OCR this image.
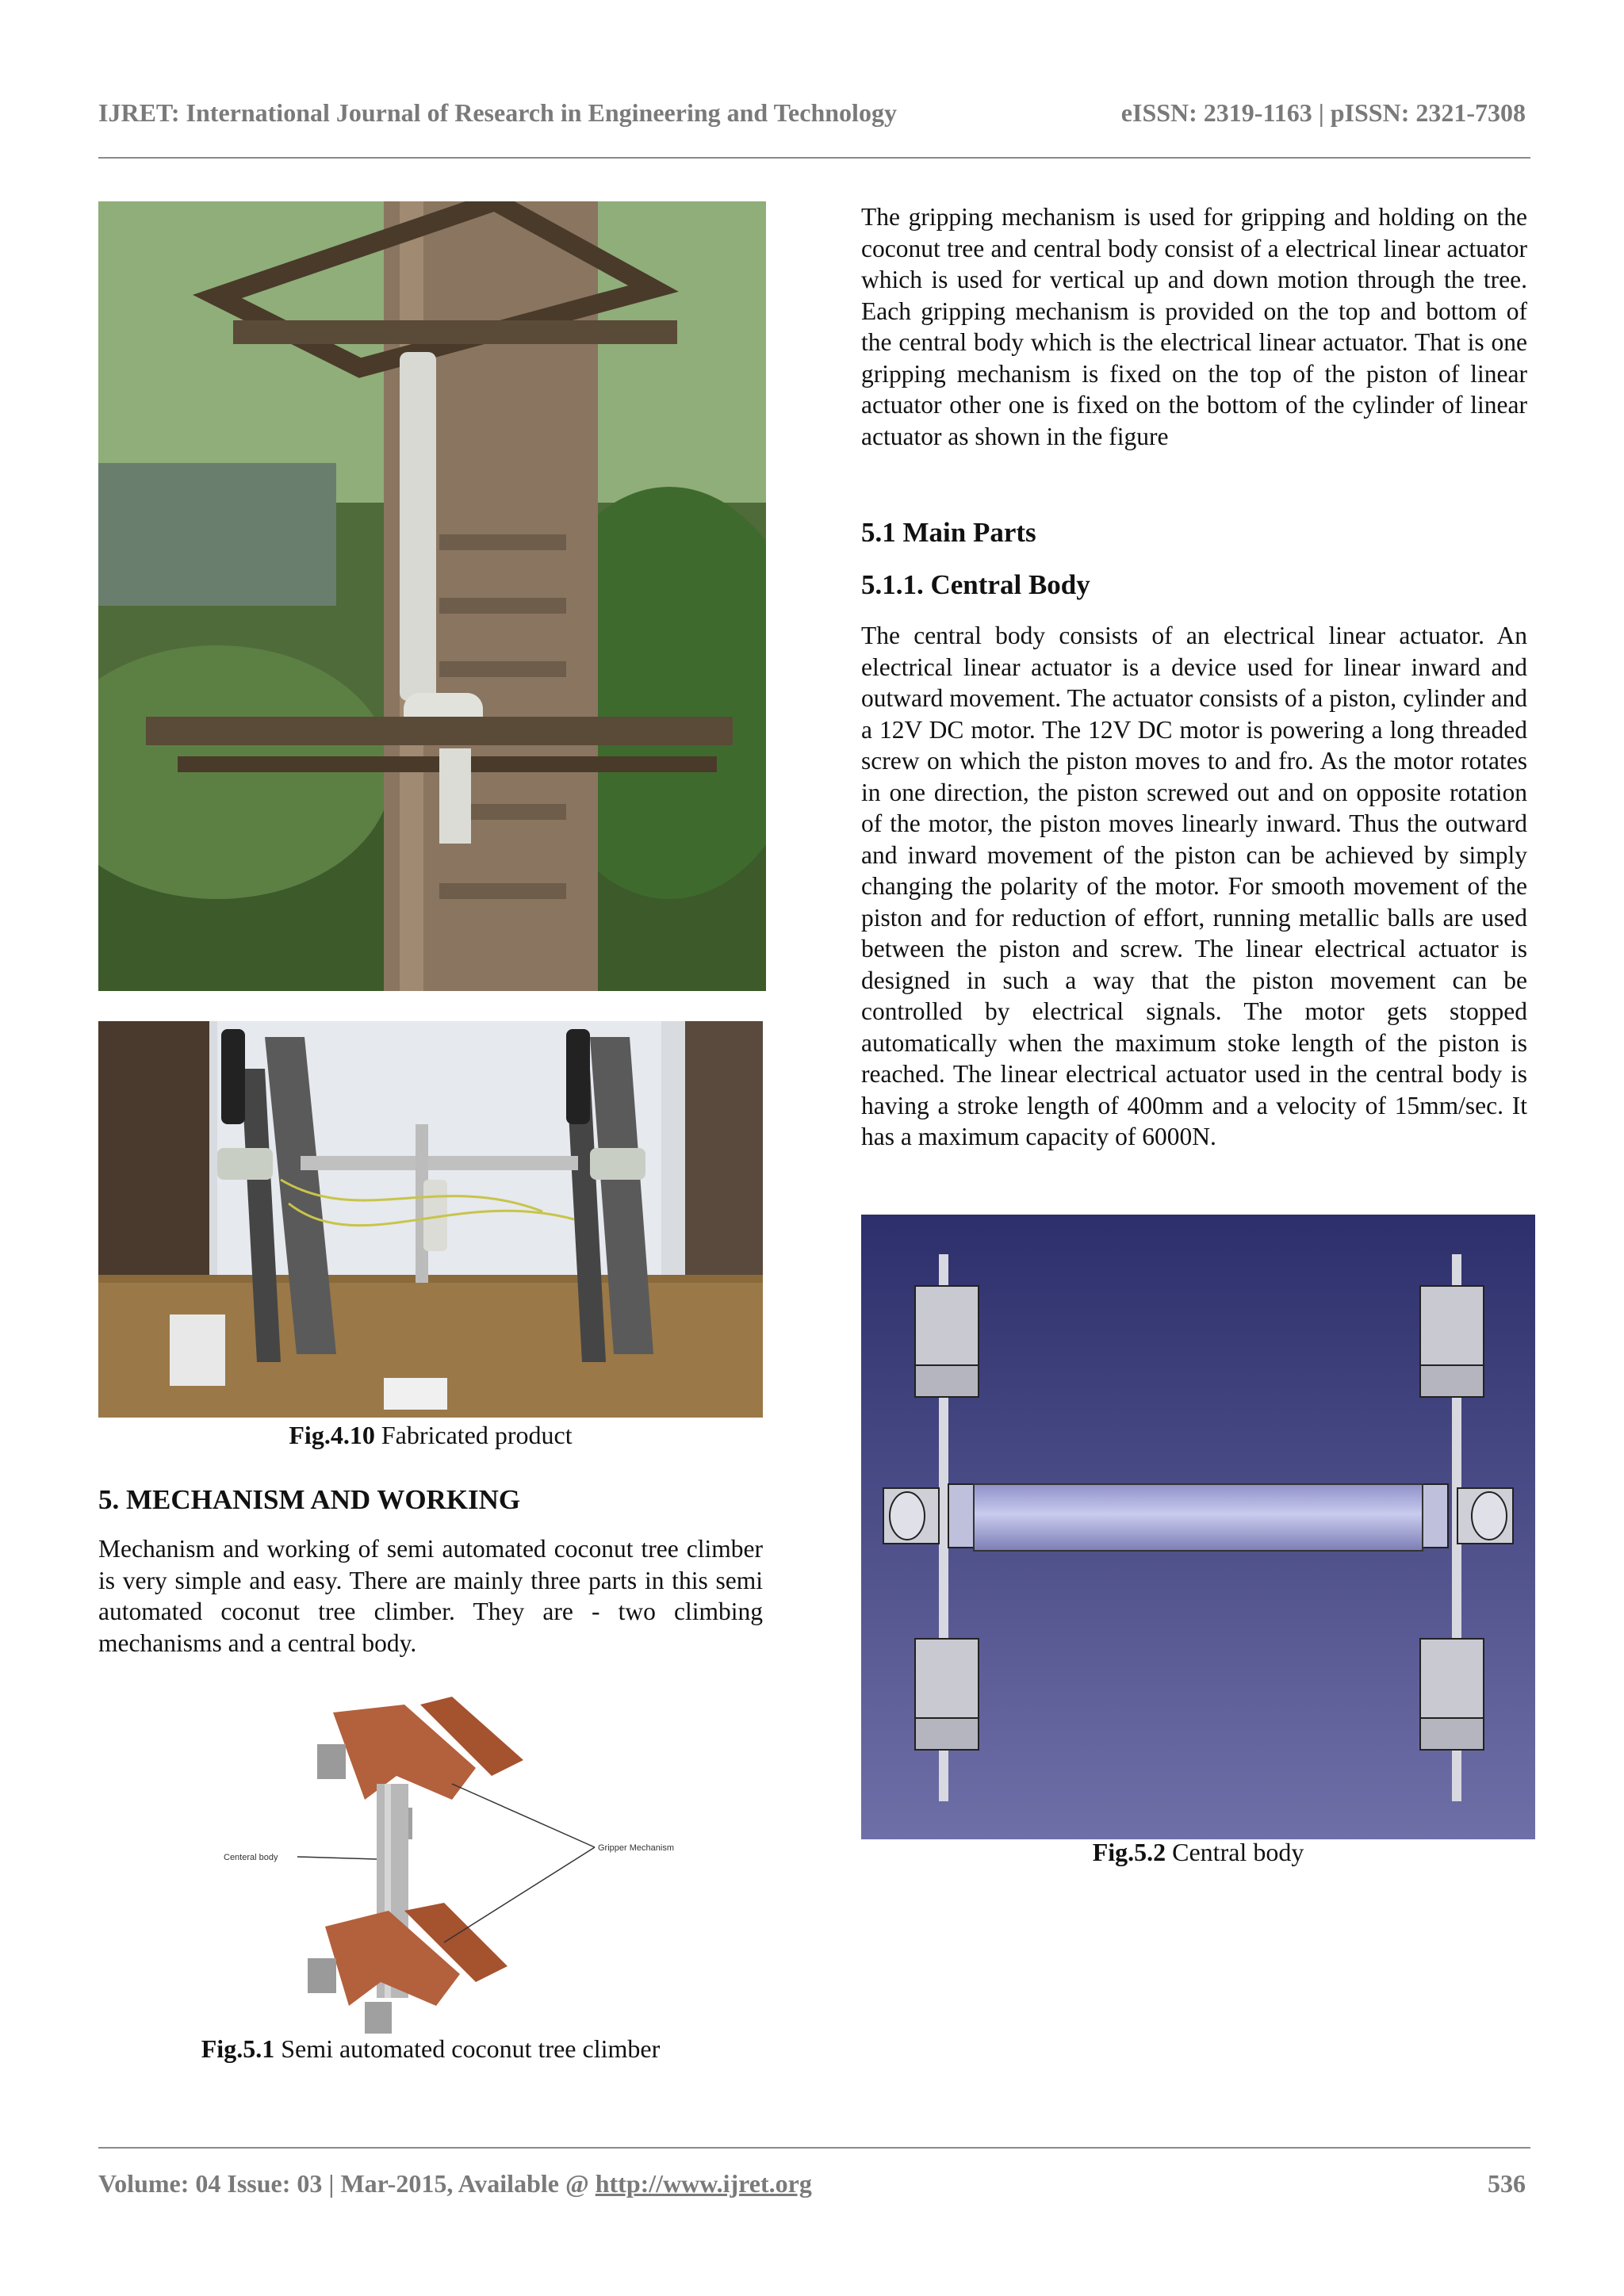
IJRET: International Journal of Research in Engineering and Technology	eISSN: 2319-1163 | pISSN: 2321-7308
Fig.4.10 Fabricated product
5. MECHANISM AND WORKING

Mechanism and working of semi automated coconut tree climber is very simple and easy. There are mainly three parts in this semi automated coconut tree climber. They are - two climbing mechanisms and a central body.

Centeral body
Gripper Mechanism
Fig.5.1 Semi automated coconut tree climber

The gripping mechanism is used for gripping and holding on the coconut tree and central body consist of a electrical linear actuator which is used for vertical up and down motion through the tree. Each gripping mechanism is provided on the top and bottom of the central body which is the electrical linear actuator. That is one gripping mechanism is fixed on the top of the piston of linear actuator other one is fixed on the bottom of the cylinder of linear actuator as shown in the figure

5.1 Main Parts
5.1.1. Central Body

The central body consists of an electrical linear actuator. An electrical linear actuator is a device used for linear inward and outward movement. The actuator consists of a piston, cylinder and a 12V DC motor. The 12V DC motor is powering a long threaded screw on which the piston moves to and fro. As the motor rotates in one direction, the piston screwed out and on opposite rotation of the motor, the piston moves linearly inward. Thus the outward and inward movement of the piston can be achieved by simply changing the polarity of the motor. For smooth movement of the piston and for reduction of effort, running metallic balls are used between the piston and screw. The linear electrical actuator is designed in such a way that the piston movement can be controlled by electrical signals. The motor gets stopped automatically when the maximum stoke length of the piston is reached. The linear electrical actuator used in the central body is having a stroke length of 400mm and a velocity of 15mm/sec. It has a maximum capacity of 6000N.

Fig.5.2 Central body
Volume: 04 Issue: 03 | Mar-2015, Available @ http://www.ijret.org	536
